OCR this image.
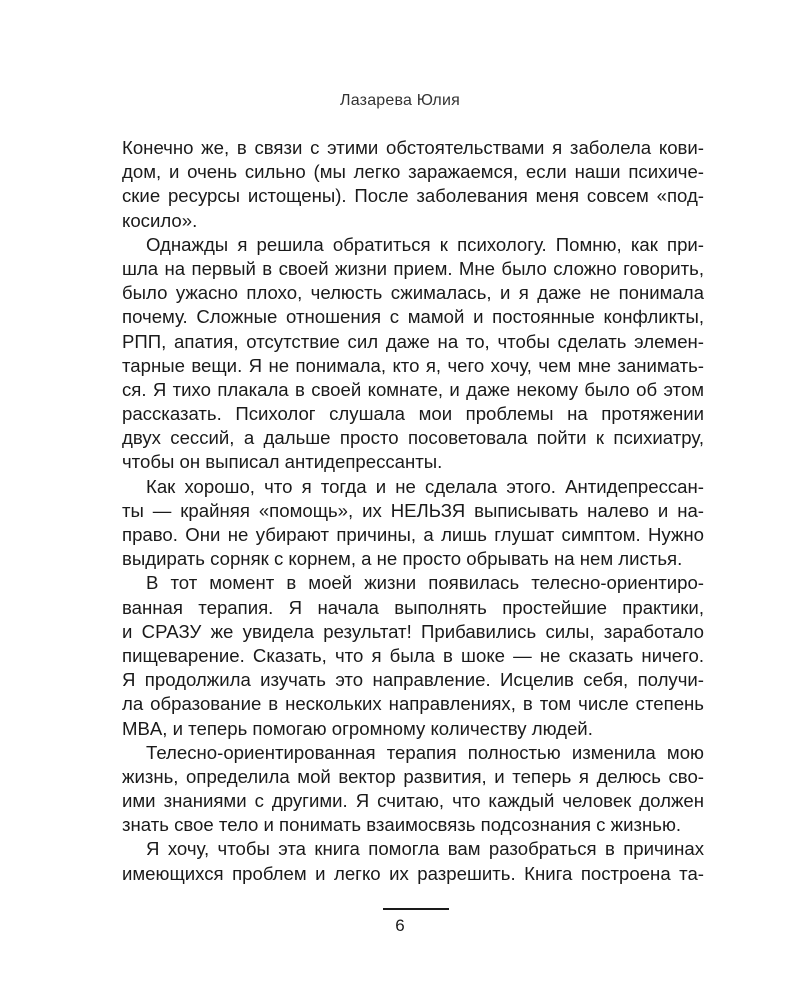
Лазарева Юлия
Конечно же, в связи с этими обстоятельствами я заболела кови-
дом, и очень сильно (мы легко заражаемся, если наши психиче-
ские ресурсы истощены). После заболевания меня совсем «под-
косило».
Однажды я решила обратиться к психологу. Помню, как при-
шла на первый в своей жизни прием. Мне было сложно говорить,
было ужасно плохо, челюсть сжималась, и я даже не понимала
почему. Сложные отношения с мамой и постоянные конфликты,
РПП, апатия, отсутствие сил даже на то, чтобы сделать элемен-
тарные вещи. Я не понимала, кто я, чего хочу, чем мне занимать-
ся. Я тихо плакала в своей комнате, и даже некому было об этом
рассказать. Психолог слушала мои проблемы на протяжении
двух сессий, а дальше просто посоветовала пойти к психиатру,
чтобы он выписал антидепрессанты.
Как хорошо, что я тогда и не сделала этого. Антидепрессан-
ты — крайняя «помощь», их НЕЛЬЗЯ выписывать налево и на-
право. Они не убирают причины, а лишь глушат симптом. Нужно
выдирать сорняк с корнем, а не просто обрывать на нем листья.
В тот момент в моей жизни появилась телесно-ориентиро-
ванная терапия. Я начала выполнять простейшие практики,
и СРАЗУ же увидела результат! Прибавились силы, заработало
пищеварение. Сказать, что я была в шоке — не сказать ничего.
Я продолжила изучать это направление. Исцелив себя, получи-
ла образование в нескольких направлениях, в том числе степень
MBA, и теперь помогаю огромному количеству людей.
Телесно-ориентированная терапия полностью изменила мою
жизнь, определила мой вектор развития, и теперь я делюсь сво-
ими знаниями с другими. Я считаю, что каждый человек должен
знать свое тело и понимать взаимосвязь подсознания с жизнью.
Я хочу, чтобы эта книга помогла вам разобраться в причинах
имеющихся проблем и легко их разрешить. Книга построена та-
6
